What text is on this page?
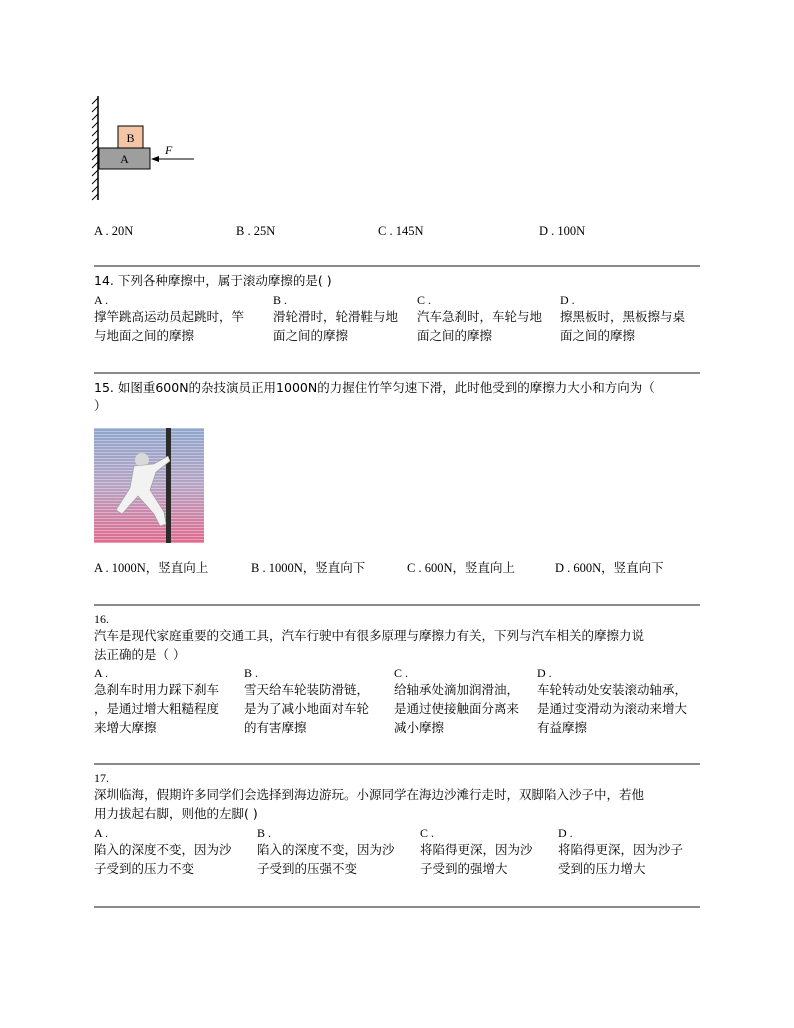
B
A
F
A . 20N	B . 25N	C . 145N	D . 100N
14. 下列各种摩擦中，属于滚动摩擦的是( )
A .
撑竿跳高运动员起跳时，竿
与地面之间的摩擦
B .
滑轮滑时，轮滑鞋与地
面之间的摩擦
C .
汽车急刹时，车轮与地
面之间的摩擦
D .
擦黑板时，黑板擦与桌
面之间的摩擦
15. 如图重600N的杂技演员正用1000N的力握住竹竿匀速下滑，此时他受到的摩擦力大小和方向为（
）
A . 1000N，竖直向上	B . 1000N，竖直向下	C . 600N，竖直向上	D . 600N，竖直向下
16.
汽车是现代家庭重要的交通工具，汽车行驶中有很多原理与摩擦力有关，下列与汽车相关的摩擦力说
法正确的是（ ）
A .
急刹车时用力踩下刹车
，是通过增大粗糙程度
来增大摩擦
B .
雪天给车轮装防滑链，
是为了减小地面对车轮
的有害摩擦
C .
给轴承处滴加润滑油，
是通过使接触面分离来
减小摩擦
D .
车轮转动处安装滚动轴承，
是通过变滑动为滚动来增大
有益摩擦
17.
深圳临海，假期许多同学们会选择到海边游玩。小源同学在海边沙滩行走时，双脚陷入沙子中，若他
用力拔起右脚，则他的左脚( )
A .
陷入的深度不变，因为沙
子受到的压力不变
B .
陷入的深度不变，因为沙
子受到的压强不变
C .
将陷得更深，因为沙
子受到的强增大
D .
将陷得更深，因为沙子
受到的压力增大
